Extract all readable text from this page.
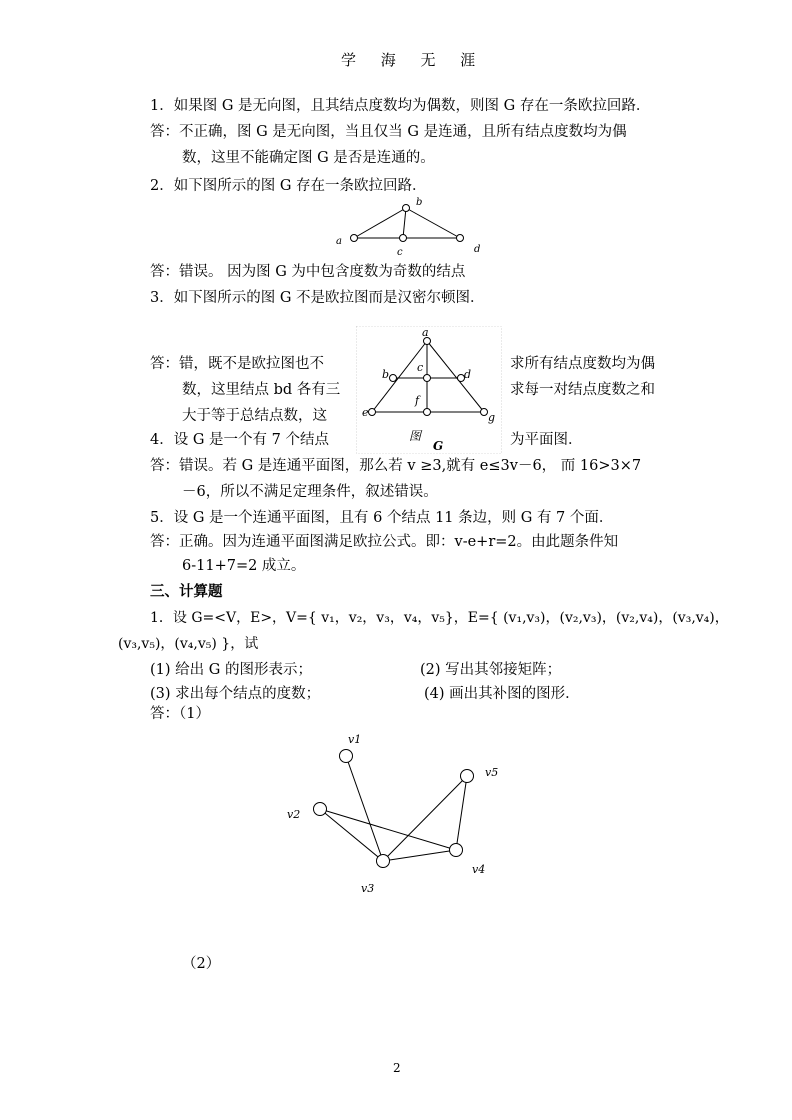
学 海 无 涯
1．如果图 G 是无向图，且其结点度数均为偶数，则图 G 存在一条欧拉回路．
答：不正确，图 G 是无向图，当且仅当 G 是连通，且所有结点度数均为偶
数，这里不能确定图 G 是否是连通的。
2．如下图所示的图 G 存在一条欧拉回路．
a
b
c	d
答：错误。 因为图 G 为中包含度数为奇数的结点
3．如下图所示的图 G 不是欧拉图而是汉密尔顿图．
答：错，既不是欧拉图也不	求所有结点度数均为偶
数，这里结点 bd 各有三	求每一对结点度数之和
大于等于总结点数，这
4．设 G 是一个有 7 个结点	为平面图．
a
b
c
d
e
f
g
图
G
答：错误。若 G 是连通平面图，那么若 v ≥3,就有 e≤3v－6， 而 16>3×7
－6，所以不满足定理条件，叙述错误。
5．设 G 是一个连通平面图，且有 6 个结点 11 条边，则 G 有 7 个面．
答：正确。因为连通平面图满足欧拉公式。即：v-e+r=2。由此题条件知
6-11+7=2 成立。
三、计算题
1．设 G=<V，E>，V={ v₁，v₂，v₃，v₄，v₅}，E={ (v₁,v₃)，(v₂,v₃)，(v₂,v₄)，(v₃,v₄)，
(v₃,v₅)，(v₄,v₅) }，试
(1) 给出 G 的图形表示；	(2) 写出其邻接矩阵；
(3) 求出每个结点的度数；	(4) 画出其补图的图形．
答：（1）
v1
v2
v3
v4
v5
（2）
2
